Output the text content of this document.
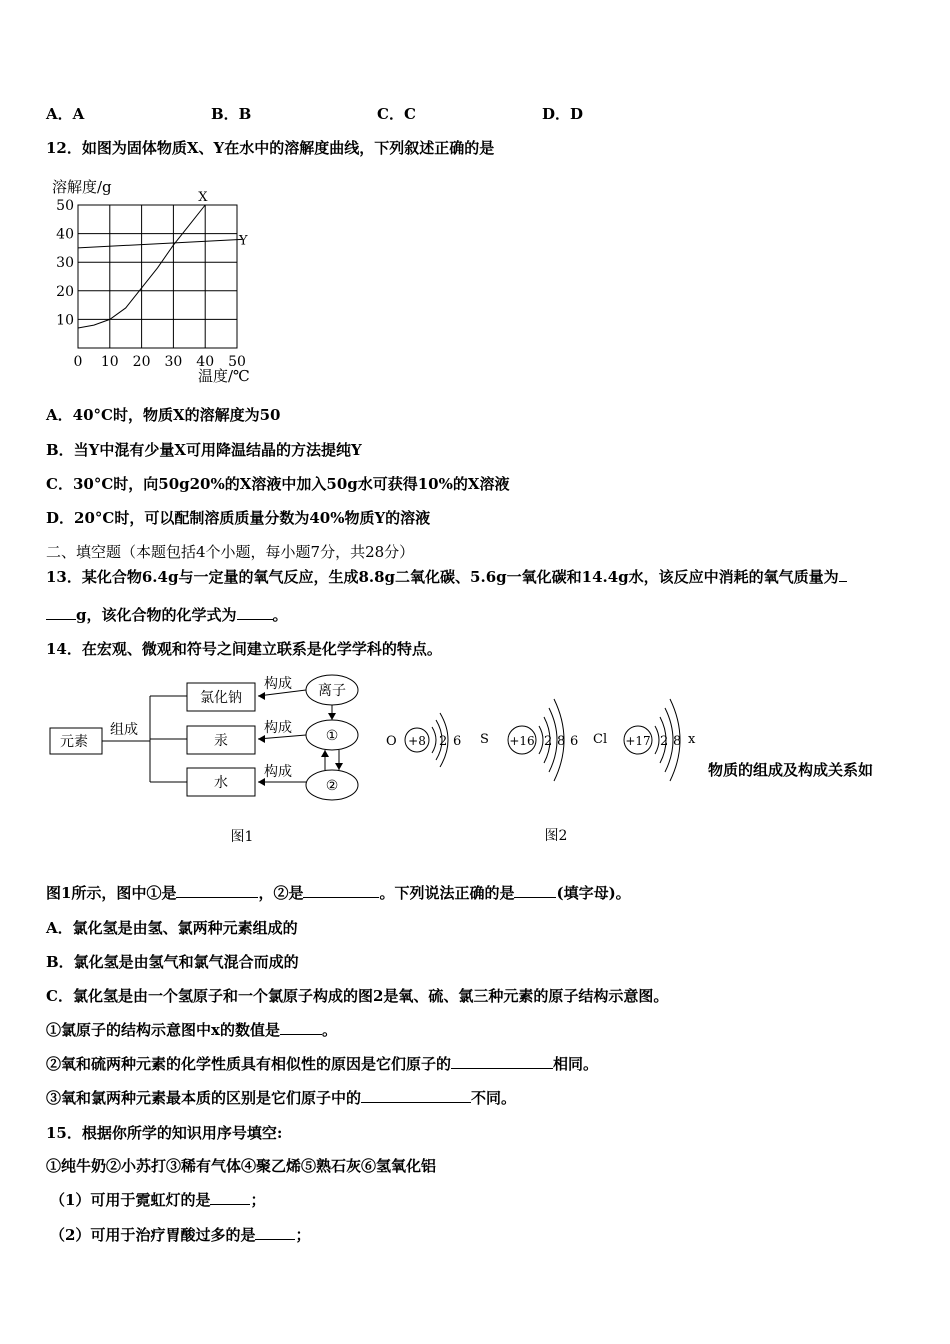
A．A	B．B	C．C	D．D
12．如图为固体物质X、Y在水中的溶解度曲线，下列叙述正确的是
0 10 20 30 40 50
10
20
30
40
50
X
Y
溶解度/g
温度/℃
A．40°C时，物质X的溶解度为50
B．当Y中混有少量X可用降温结晶的方法提纯Y
C．30°C时，向50g20%的X溶液中加入50g水可获得10%的X溶液
D．20°C时，可以配制溶质质量分数为40%物质Y的溶液
二、填空题（本题包括4个小题，每小题7分，共28分）
13．某化合物6.4g与一定量的氧气反应，生成8.8g二氧化碳、5.6g一氧化碳和14.4g水，该反应中消耗的氧气质量为
g，该化合物的化学式为 。
14．在宏观、微观和符号之间建立联系是化学学科的特点。
元素
组成
构成
构成
构成
氯化钠
汞
水
离子
①
②
图1
O +8 2 6 S +16 2 8 6 Cl +17 2 8 x
图2
物质的组成及构成关系如
图1所示，图中①是	，②是	。下列说法正确的是	(填字母)。
A．氯化氢是由氢、氯两种元素组成的
B．氯化氢是由氢气和氯气混合而成的
C．氯化氢是由一个氢原子和一个氯原子构成的图2是氧、硫、氯三种元素的原子结构示意图。
①氯原子的结构示意图中x的数值是	。
②氧和硫两种元素的化学性质具有相似性的原因是它们原子的	相同。
③氧和氯两种元素最本质的区别是它们原子中的	不同。
15．根据你所学的知识用序号填空:
①纯牛奶②小苏打③稀有气体④聚乙烯⑤熟石灰⑥氢氧化铝
（1）可用于霓虹灯的是	；
（2）可用于治疗胃酸过多的是	；
